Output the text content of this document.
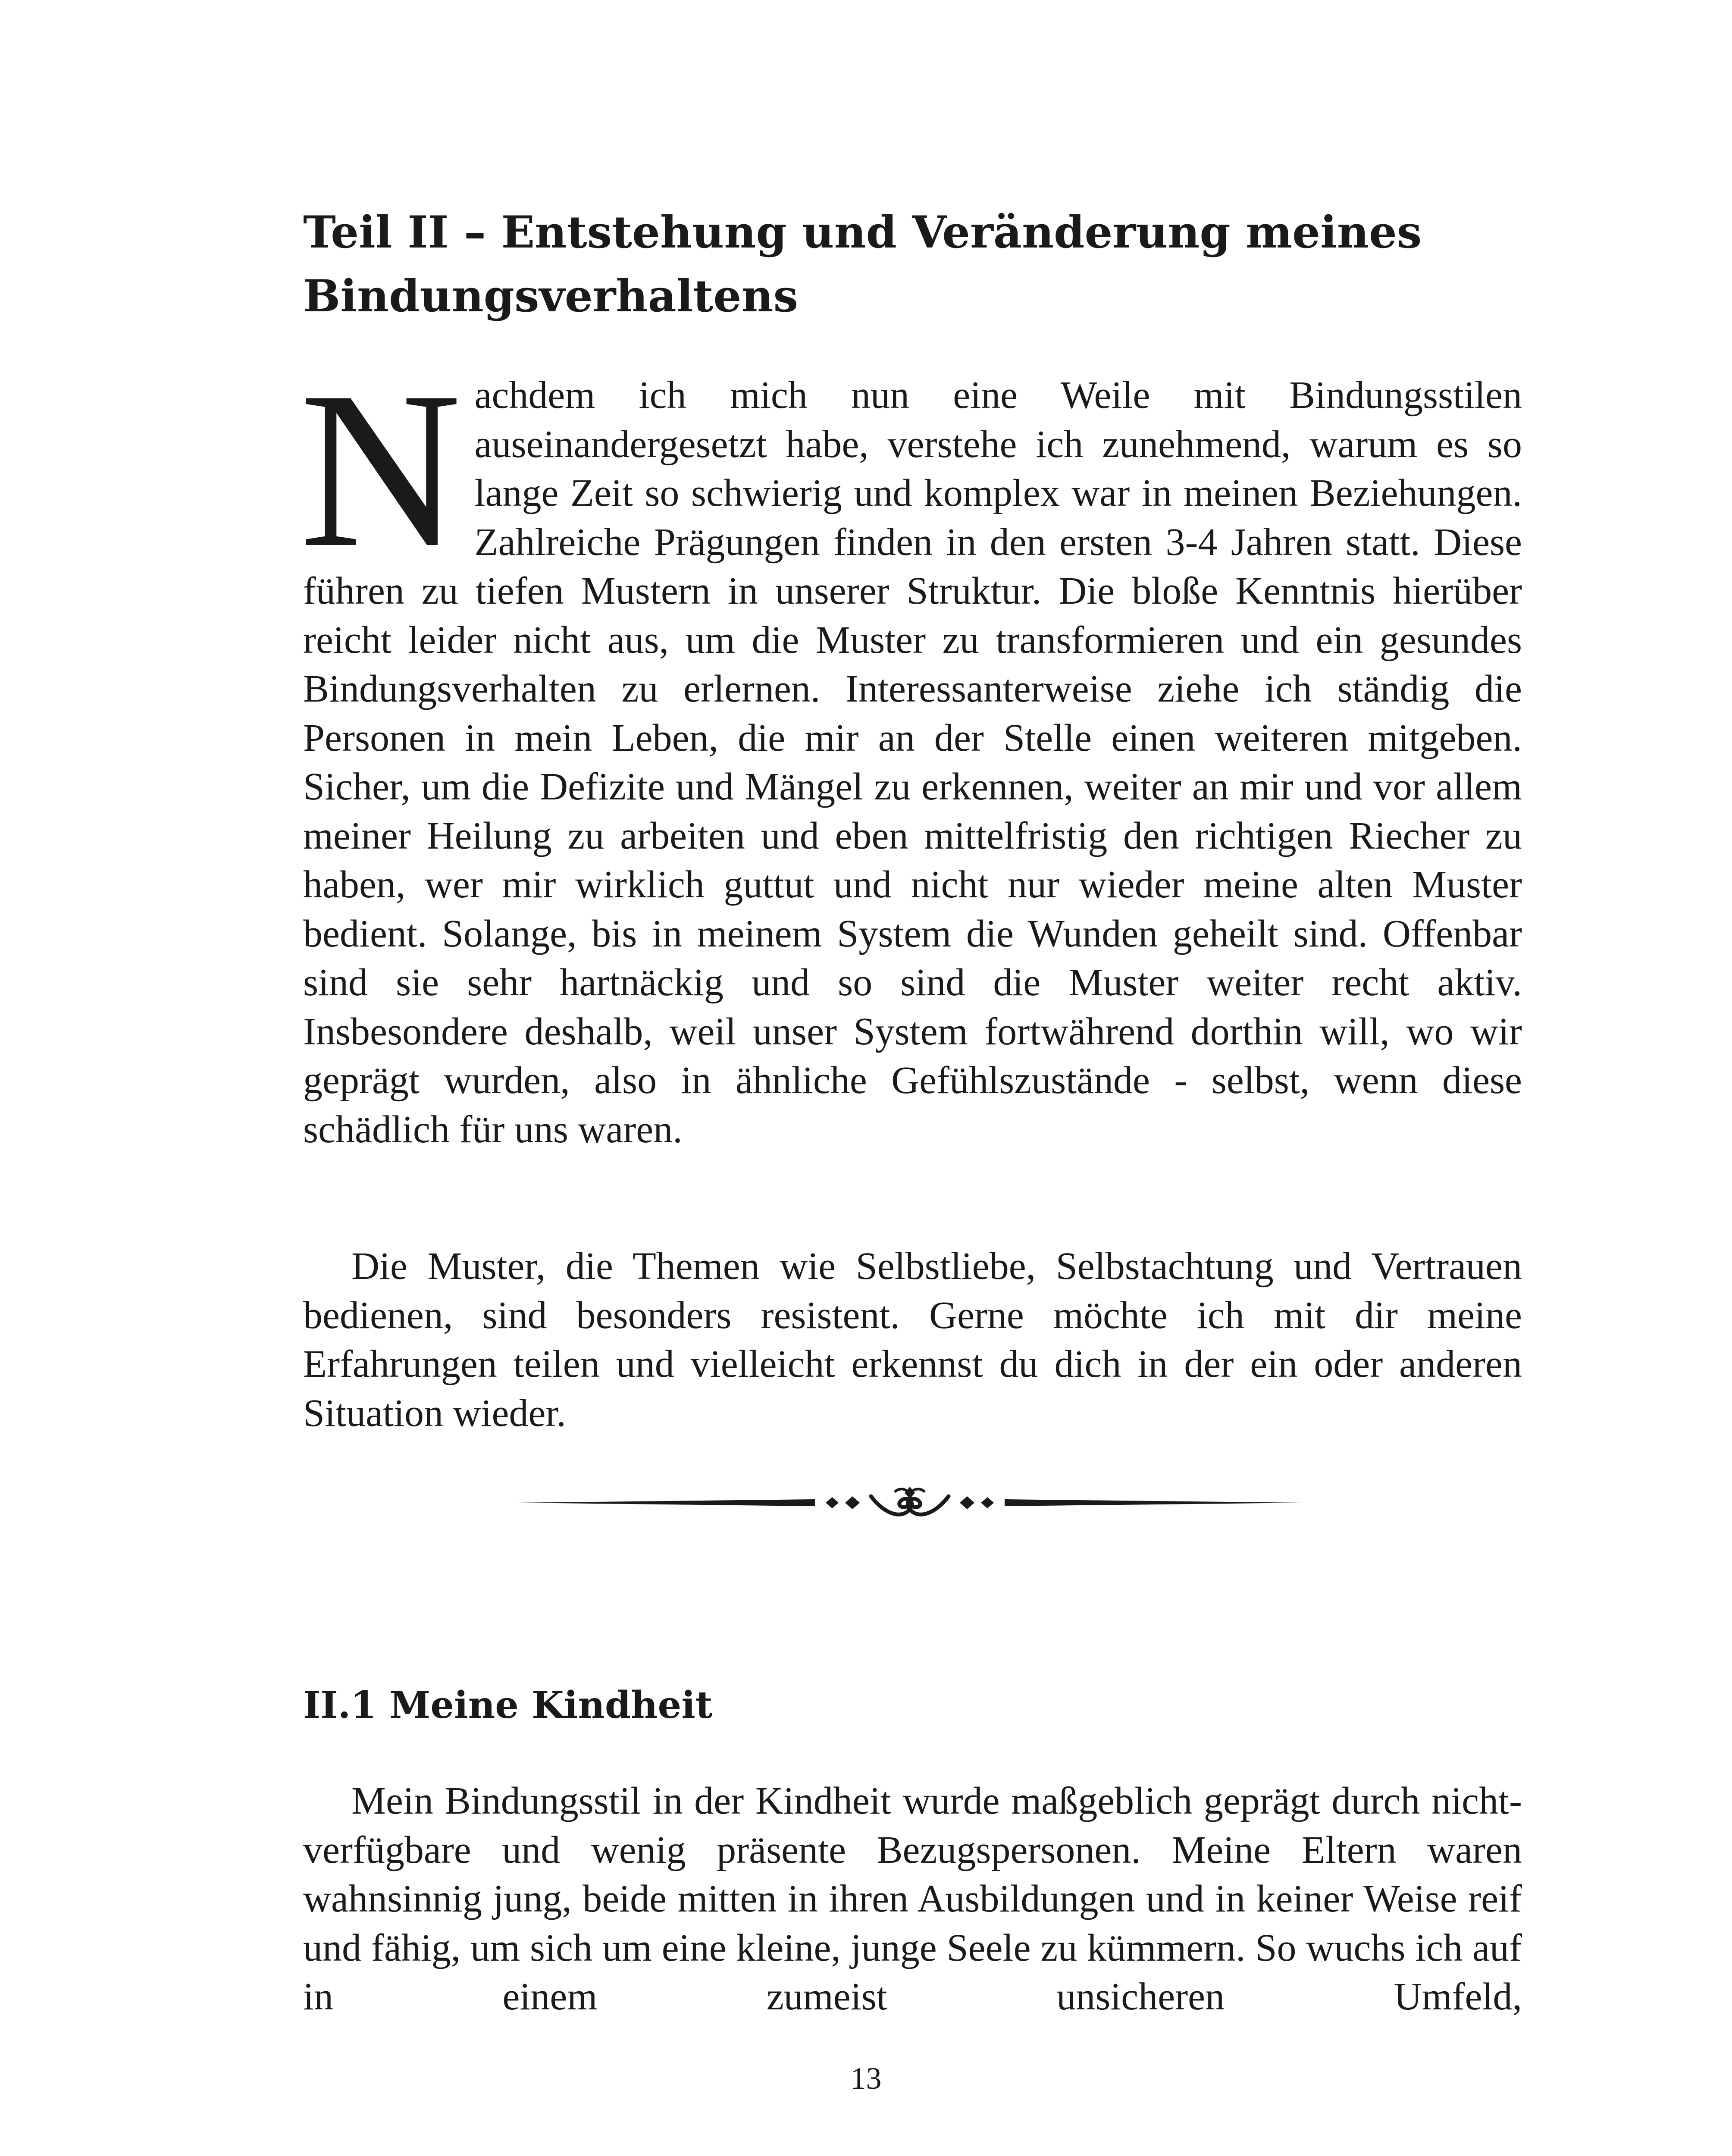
Teil II – Entstehung und Veränderung meines Bindungsverhaltens
N achdem ich mich nun eine Weile mit Bindungsstilen auseinandergesetzt habe, verstehe ich zunehmend, warum es so lange Zeit so schwierig und komplex war in meinen Beziehungen. Zahlreiche Prägungen finden in den ersten 3-4 Jahren statt. Diese führen zu tiefen Mustern in unserer Struktur. Die bloße Kenntnis hierüber reicht leider nicht aus, um die Muster zu transformieren und ein gesundes Bindungsverhalten zu erlernen. Interessanterweise ziehe ich ständig die Personen in mein Leben, die mir an der Stelle einen weiteren mitgeben. Sicher, um die Defizite und Mängel zu erkennen, weiter an mir und vor allem meiner Heilung zu arbeiten und eben mittelfristig den richtigen Riecher zu haben, wer mir wirklich guttut und nicht nur wieder meine alten Muster bedient. Solange, bis in meinem System die Wunden geheilt sind. Offenbar sind sie sehr hartnäckig und so sind die Muster weiter recht aktiv. Insbesondere deshalb, weil unser System fortwährend dorthin will, wo wir geprägt wurden, also in ähnliche Gefühlszustände - selbst, wenn diese schädlich für uns waren.

Die Muster, die Themen wie Selbstliebe, Selbstachtung und Vertrauen bedienen, sind besonders resistent. Gerne möchte ich mit dir meine Erfahrungen teilen und vielleicht erkennst du dich in der ein oder anderen Situation wieder.

II.1 Meine Kindheit

Mein Bindungsstil in der Kindheit wurde maßgeblich geprägt durch nicht-verfügbare und wenig präsente Bezugspersonen. Meine Eltern waren wahnsinnig jung, beide mitten in ihren Ausbildungen und in keiner Weise reif und fähig, um sich um eine kleine, junge Seele zu kümmern. So wuchs ich auf in einem zumeist unsicheren Umfeld,

13
